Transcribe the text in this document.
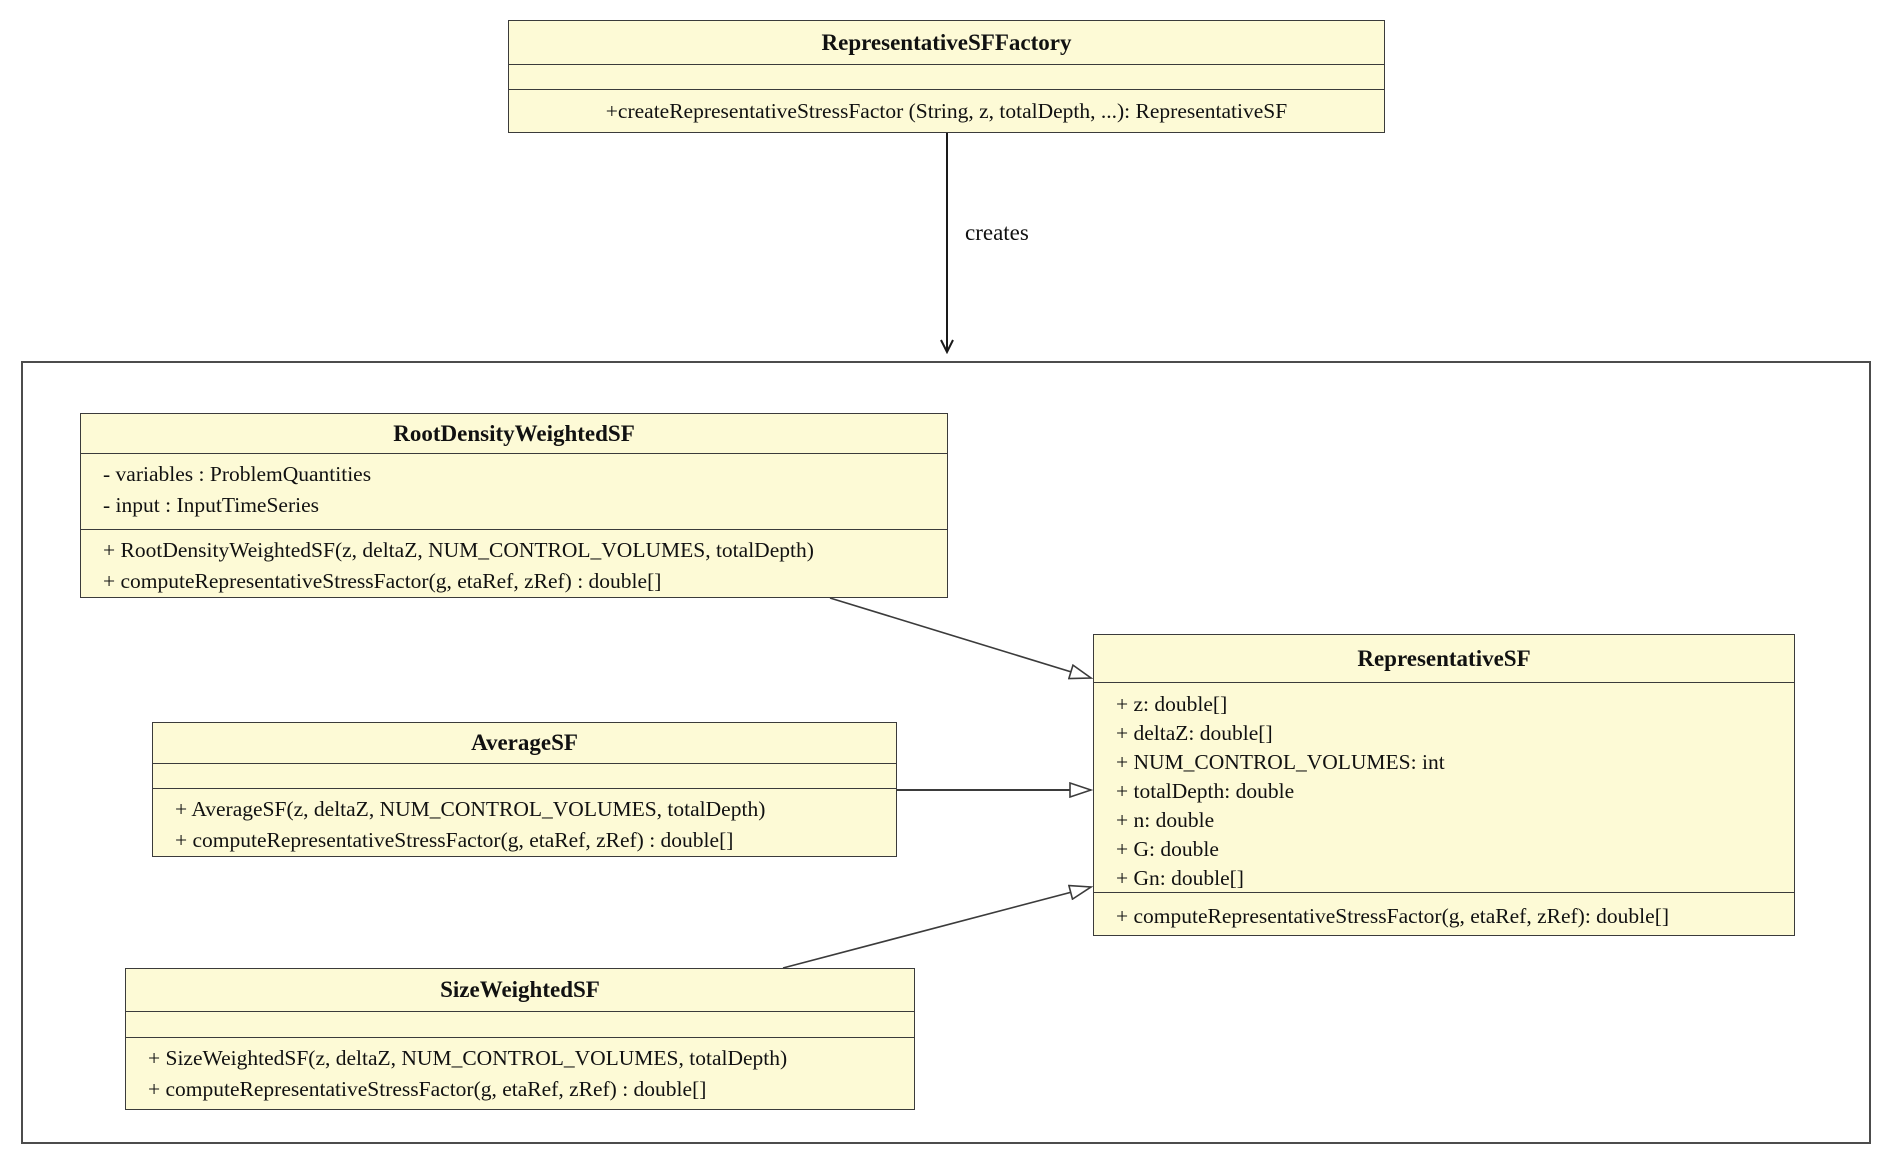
creates
RepresentativeSFFactory
+createRepresentativeStressFactor (String, z, totalDepth, ...): RepresentativeSF
RootDensityWeightedSF
- variables : ProblemQuantities
- input : InputTimeSeries
+ RootDensityWeightedSF(z, deltaZ, NUM_CONTROL_VOLUMES, totalDepth)
+ computeRepresentativeStressFactor(g, etaRef, zRef) : double[]
AverageSF
+ AverageSF(z, deltaZ, NUM_CONTROL_VOLUMES, totalDepth)
+ computeRepresentativeStressFactor(g, etaRef, zRef) : double[]
SizeWeightedSF
+ SizeWeightedSF(z, deltaZ, NUM_CONTROL_VOLUMES, totalDepth)
+ computeRepresentativeStressFactor(g, etaRef, zRef) : double[]
RepresentativeSF
+ z: double[]
+ deltaZ: double[]
+ NUM_CONTROL_VOLUMES: int
+ totalDepth: double
+ n: double
+ G: double
+ Gn: double[]
+ computeRepresentativeStressFactor(g, etaRef, zRef): double[]
